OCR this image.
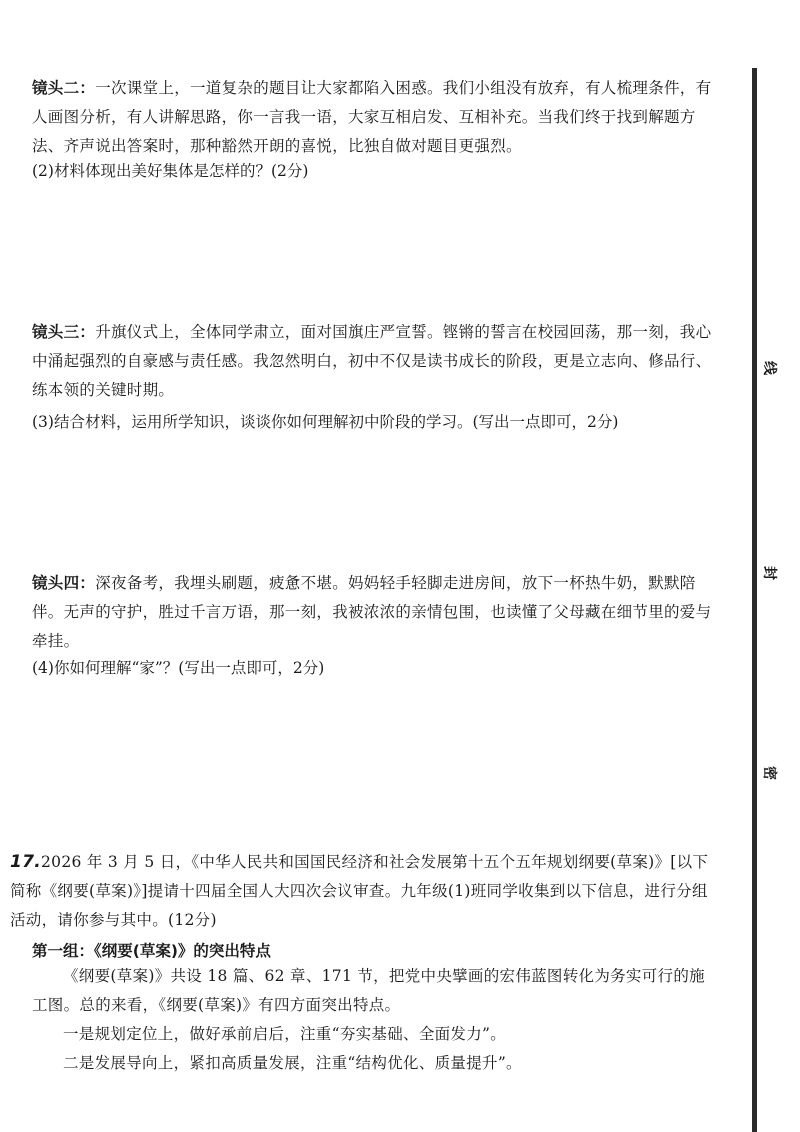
镜头二：一次课堂上，一道复杂的题目让大家都陷入困惑。我们小组没有放弃，有人梳理条件，有人画图分析，有人讲解思路，你一言我一语，大家互相启发、互相补充。当我们终于找到解题方法、齐声说出答案时，那种豁然开朗的喜悦，比独自做对题目更强烈。

(2)材料体现出美好集体是怎样的？(2分)

镜头三：升旗仪式上，全体同学肃立，面对国旗庄严宣誓。铿锵的誓言在校园回荡，那一刻，我心中涌起强烈的自豪感与责任感。我忽然明白，初中不仅是读书成长的阶段，更是立志向、修品行、练本领的关键时期。

(3)结合材料，运用所学知识，谈谈你如何理解初中阶段的学习。(写出一点即可，2分)

镜头四：深夜备考，我埋头刷题，疲惫不堪。妈妈轻手轻脚走进房间，放下一杯热牛奶，默默陪伴。无声的守护，胜过千言万语，那一刻，我被浓浓的亲情包围，也读懂了父母藏在细节里的爱与牵挂。

(4)你如何理解“家”？(写出一点即可，2分)

17.2026 年 3 月 5 日，《中华人民共和国国民经济和社会发展第十五个五年规划纲要(草案)》[以下简称《纲要(草案)》]提请十四届全国人大四次会议审查。九年级(1)班同学收集到以下信息，进行分组活动，请你参与其中。(12分)

第一组：《纲要(草案)》的突出特点

《纲要(草案)》共设 18 篇、62 章、171 节，把党中央擘画的宏伟蓝图转化为务实可行的施工图。总的来看，《纲要(草案)》有四方面突出特点。

一是规划定位上，做好承前启后，注重“夯实基础、全面发力”。

二是发展导向上，紧扣高质量发展，注重“结构优化、质量提升”。

线
封
密
